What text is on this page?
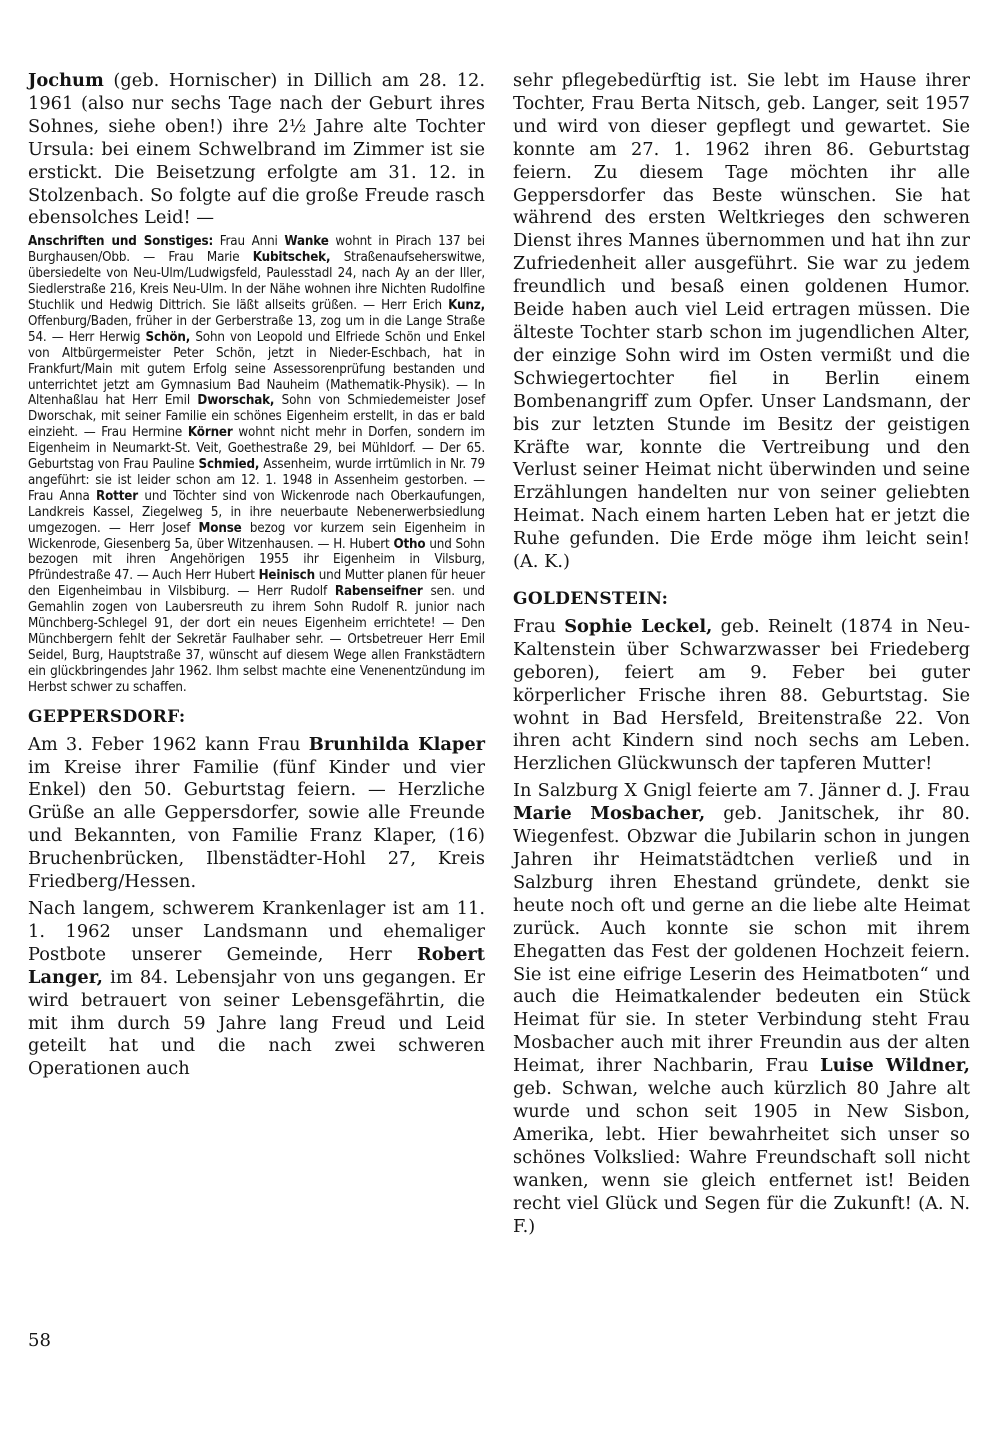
Jochum (geb. Hornischer) in Dillich am 28. 12. 1961 (also nur sechs Tage nach der Geburt ihres Sohnes, siehe oben!) ihre 2½ Jahre alte Tochter Ursula: bei einem Schwelbrand im Zimmer ist sie erstickt. Die Beisetzung erfolgte am 31. 12. in Stolzenbach. So folgte auf die große Freude rasch ebensolches Leid! —

Anschriften und Sonstiges: Frau Anni Wanke wohnt in Pirach 137 bei Burghausen/Obb. — Frau Marie Kubitschek, Straßenaufseherswitwe, übersiedelte von Neu-Ulm/Ludwigsfeld, Paulesstadl 24, nach Ay an der Iller, Siedlerstraße 216, Kreis Neu-Ulm. In der Nähe wohnen ihre Nichten Rudolfine Stuchlik und Hedwig Dittrich. Sie läßt allseits grüßen. — Herr Erich Kunz, Offenburg/Baden, früher in der Gerberstraße 13, zog um in die Lange Straße 54. — Herr Herwig Schön, Sohn von Leopold und Elfriede Schön und Enkel von Altbürgermeister Peter Schön, jetzt in Nieder-Eschbach, hat in Frankfurt/Main mit gutem Erfolg seine Assessorenprüfung bestanden und unterrichtet jetzt am Gymnasium Bad Nauheim (Mathematik-Physik). — In Altenhaßlau hat Herr Emil Dworschak, Sohn von Schmiedemeister Josef Dworschak, mit seiner Familie ein schönes Eigenheim erstellt, in das er bald einzieht. — Frau Hermine Körner wohnt nicht mehr in Dorfen, sondern im Eigenheim in Neumarkt-St. Veit, Goethestraße 29, bei Mühldorf. — Der 65. Geburtstag von Frau Pauline Schmied, Assenheim, wurde irrtümlich in Nr. 79 angeführt: sie ist leider schon am 12. 1. 1948 in Assenheim gestorben. — Frau Anna Rotter und Töchter sind von Wickenrode nach Oberkaufungen, Landkreis Kassel, Ziegelweg 5, in ihre neuerbaute Nebenerwerbsiedlung umgezogen. — Herr Josef Monse bezog vor kurzem sein Eigenheim in Wickenrode, Giesenberg 5a, über Witzenhausen. — H. Hubert Otho und Sohn bezogen mit ihren Angehörigen 1955 ihr Eigenheim in Vilsburg, Pfründestraße 47. — Auch Herr Hubert Heinisch und Mutter planen für heuer den Eigenheimbau in Vilsbiburg. — Herr Rudolf Rabenseifner sen. und Gemahlin zogen von Laubersreuth zu ihrem Sohn Rudolf R. junior nach Münchberg-Schlegel 91, der dort ein neues Eigenheim errichtete! — Den Münchbergern fehlt der Sekretär Faulhaber sehr. — Ortsbetreuer Herr Emil Seidel, Burg, Hauptstraße 37, wünscht auf diesem Wege allen Frankstädtern ein glückbringendes Jahr 1962. Ihm selbst machte eine Venenentzündung im Herbst schwer zu schaffen.

GEPPERSDORF:

Am 3. Feber 1962 kann Frau Brunhilda Klaper im Kreise ihrer Familie (fünf Kinder und vier Enkel) den 50. Geburtstag feiern. — Herzliche Grüße an alle Geppersdorfer, sowie alle Freunde und Bekannten, von Familie Franz Klaper, (16) Bruchenbrücken, Ilbenstädter-Hohl 27, Kreis Friedberg/Hessen.

Nach langem, schwerem Krankenlager ist am 11. 1. 1962 unser Landsmann und ehemaliger Postbote unserer Gemeinde, Herr Robert Langer, im 84. Lebensjahr von uns gegangen. Er wird betrauert von seiner Lebensgefährtin, die mit ihm durch 59 Jahre lang Freud und Leid geteilt hat und die nach zwei schweren Operationen auch

sehr pflegebedürftig ist. Sie lebt im Hause ihrer Tochter, Frau Berta Nitsch, geb. Langer, seit 1957 und wird von dieser gepflegt und gewartet. Sie konnte am 27. 1. 1962 ihren 86. Geburtstag feiern. Zu diesem Tage möchten ihr alle Geppersdorfer das Beste wünschen. Sie hat während des ersten Weltkrieges den schweren Dienst ihres Mannes übernommen und hat ihn zur Zufriedenheit aller ausgeführt. Sie war zu jedem freundlich und besaß einen goldenen Humor. Beide haben auch viel Leid ertragen müssen. Die älteste Tochter starb schon im jugendlichen Alter, der einzige Sohn wird im Osten vermißt und die Schwiegertochter fiel in Berlin einem Bombenangriff zum Opfer. Unser Landsmann, der bis zur letzten Stunde im Besitz der geistigen Kräfte war, konnte die Vertreibung und den Verlust seiner Heimat nicht überwinden und seine Erzählungen handelten nur von seiner geliebten Heimat. Nach einem harten Leben hat er jetzt die Ruhe gefunden. Die Erde möge ihm leicht sein! (A. K.)

GOLDENSTEIN:

Frau Sophie Leckel, geb. Reinelt (1874 in Neu-Kaltenstein über Schwarzwasser bei Friedeberg geboren), feiert am 9. Feber bei guter körperlicher Frische ihren 88. Geburtstag. Sie wohnt in Bad Hersfeld, Breitenstraße 22. Von ihren acht Kindern sind noch sechs am Leben. Herzlichen Glückwunsch der tapferen Mutter!

In Salzburg X Gnigl feierte am 7. Jänner d. J. Frau Marie Mosbacher, geb. Janitschek, ihr 80. Wiegenfest. Obzwar die Jubilarin schon in jungen Jahren ihr Heimatstädtchen verließ und in Salzburg ihren Ehestand gründete, denkt sie heute noch oft und gerne an die liebe alte Heimat zurück. Auch konnte sie schon mit ihrem Ehegatten das Fest der goldenen Hochzeit feiern. Sie ist eine eifrige Leserin des Heimatboten“ und auch die Heimatkalender bedeuten ein Stück Heimat für sie. In steter Verbindung steht Frau Mosbacher auch mit ihrer Freundin aus der alten Heimat, ihrer Nachbarin, Frau Luise Wildner, geb. Schwan, welche auch kürzlich 80 Jahre alt wurde und schon seit 1905 in New Sisbon, Amerika, lebt. Hier bewahrheitet sich unser so schönes Volkslied: Wahre Freundschaft soll nicht wanken, wenn sie gleich entfernet ist! Beiden recht viel Glück und Segen für die Zukunft! (A. N. F.)

58
